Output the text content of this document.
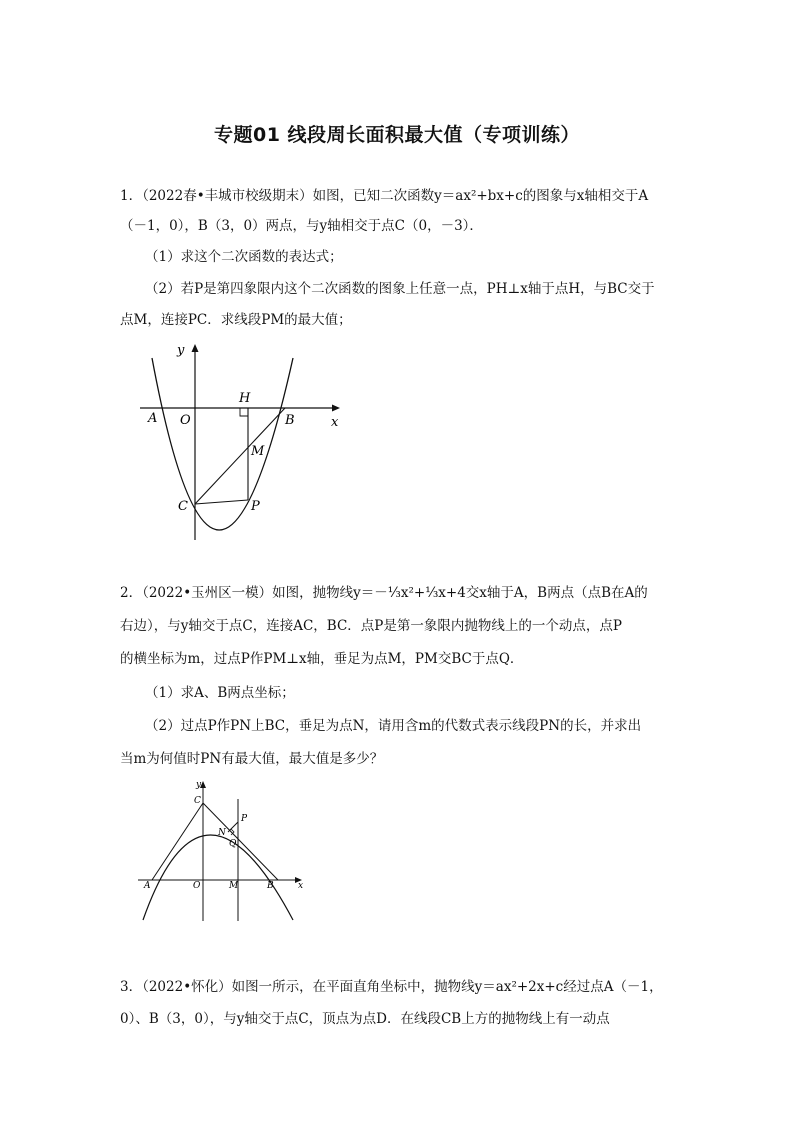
专题01 线段周长面积最大值（专项训练）
1．（2022春•丰城市校级期末）如图，已知二次函数y＝ax²+bx+c的图象与x轴相交于A
（－1，0），B（3，0）两点，与y轴相交于点C（0，－3）．
（1）求这个二次函数的表达式；
（2）若P是第四象限内这个二次函数的图象上任意一点，PH⊥x轴于点H，与BC交于
点M，连接PC．求线段PM的最大值；
y
x
A O	B
H
M
C	P
2．（2022•玉州区一模）如图，抛物线y＝－⅓x²+⅓x+4交x轴于A，B两点（点B在A的
右边），与y轴交于点C，连接AC，BC．点P是第一象限内抛物线上的一个动点，点P
的横坐标为m，过点P作PM⊥x轴，垂足为点M，PM交BC于点Q．
（1）求A、B两点坐标；
（2）过点P作PN上BC，垂足为点N，请用含m的代数式表示线段PN的长，并求出
当m为何值时PN有最大值，最大值是多少？
y
x
A	O	M	B
C
P
N
Q
3．（2022•怀化）如图一所示，在平面直角坐标中，抛物线y＝ax²+2x+c经过点A（－1，
0）、B（3，0），与y轴交于点C，顶点为点D．在线段CB上方的抛物线上有一动点
